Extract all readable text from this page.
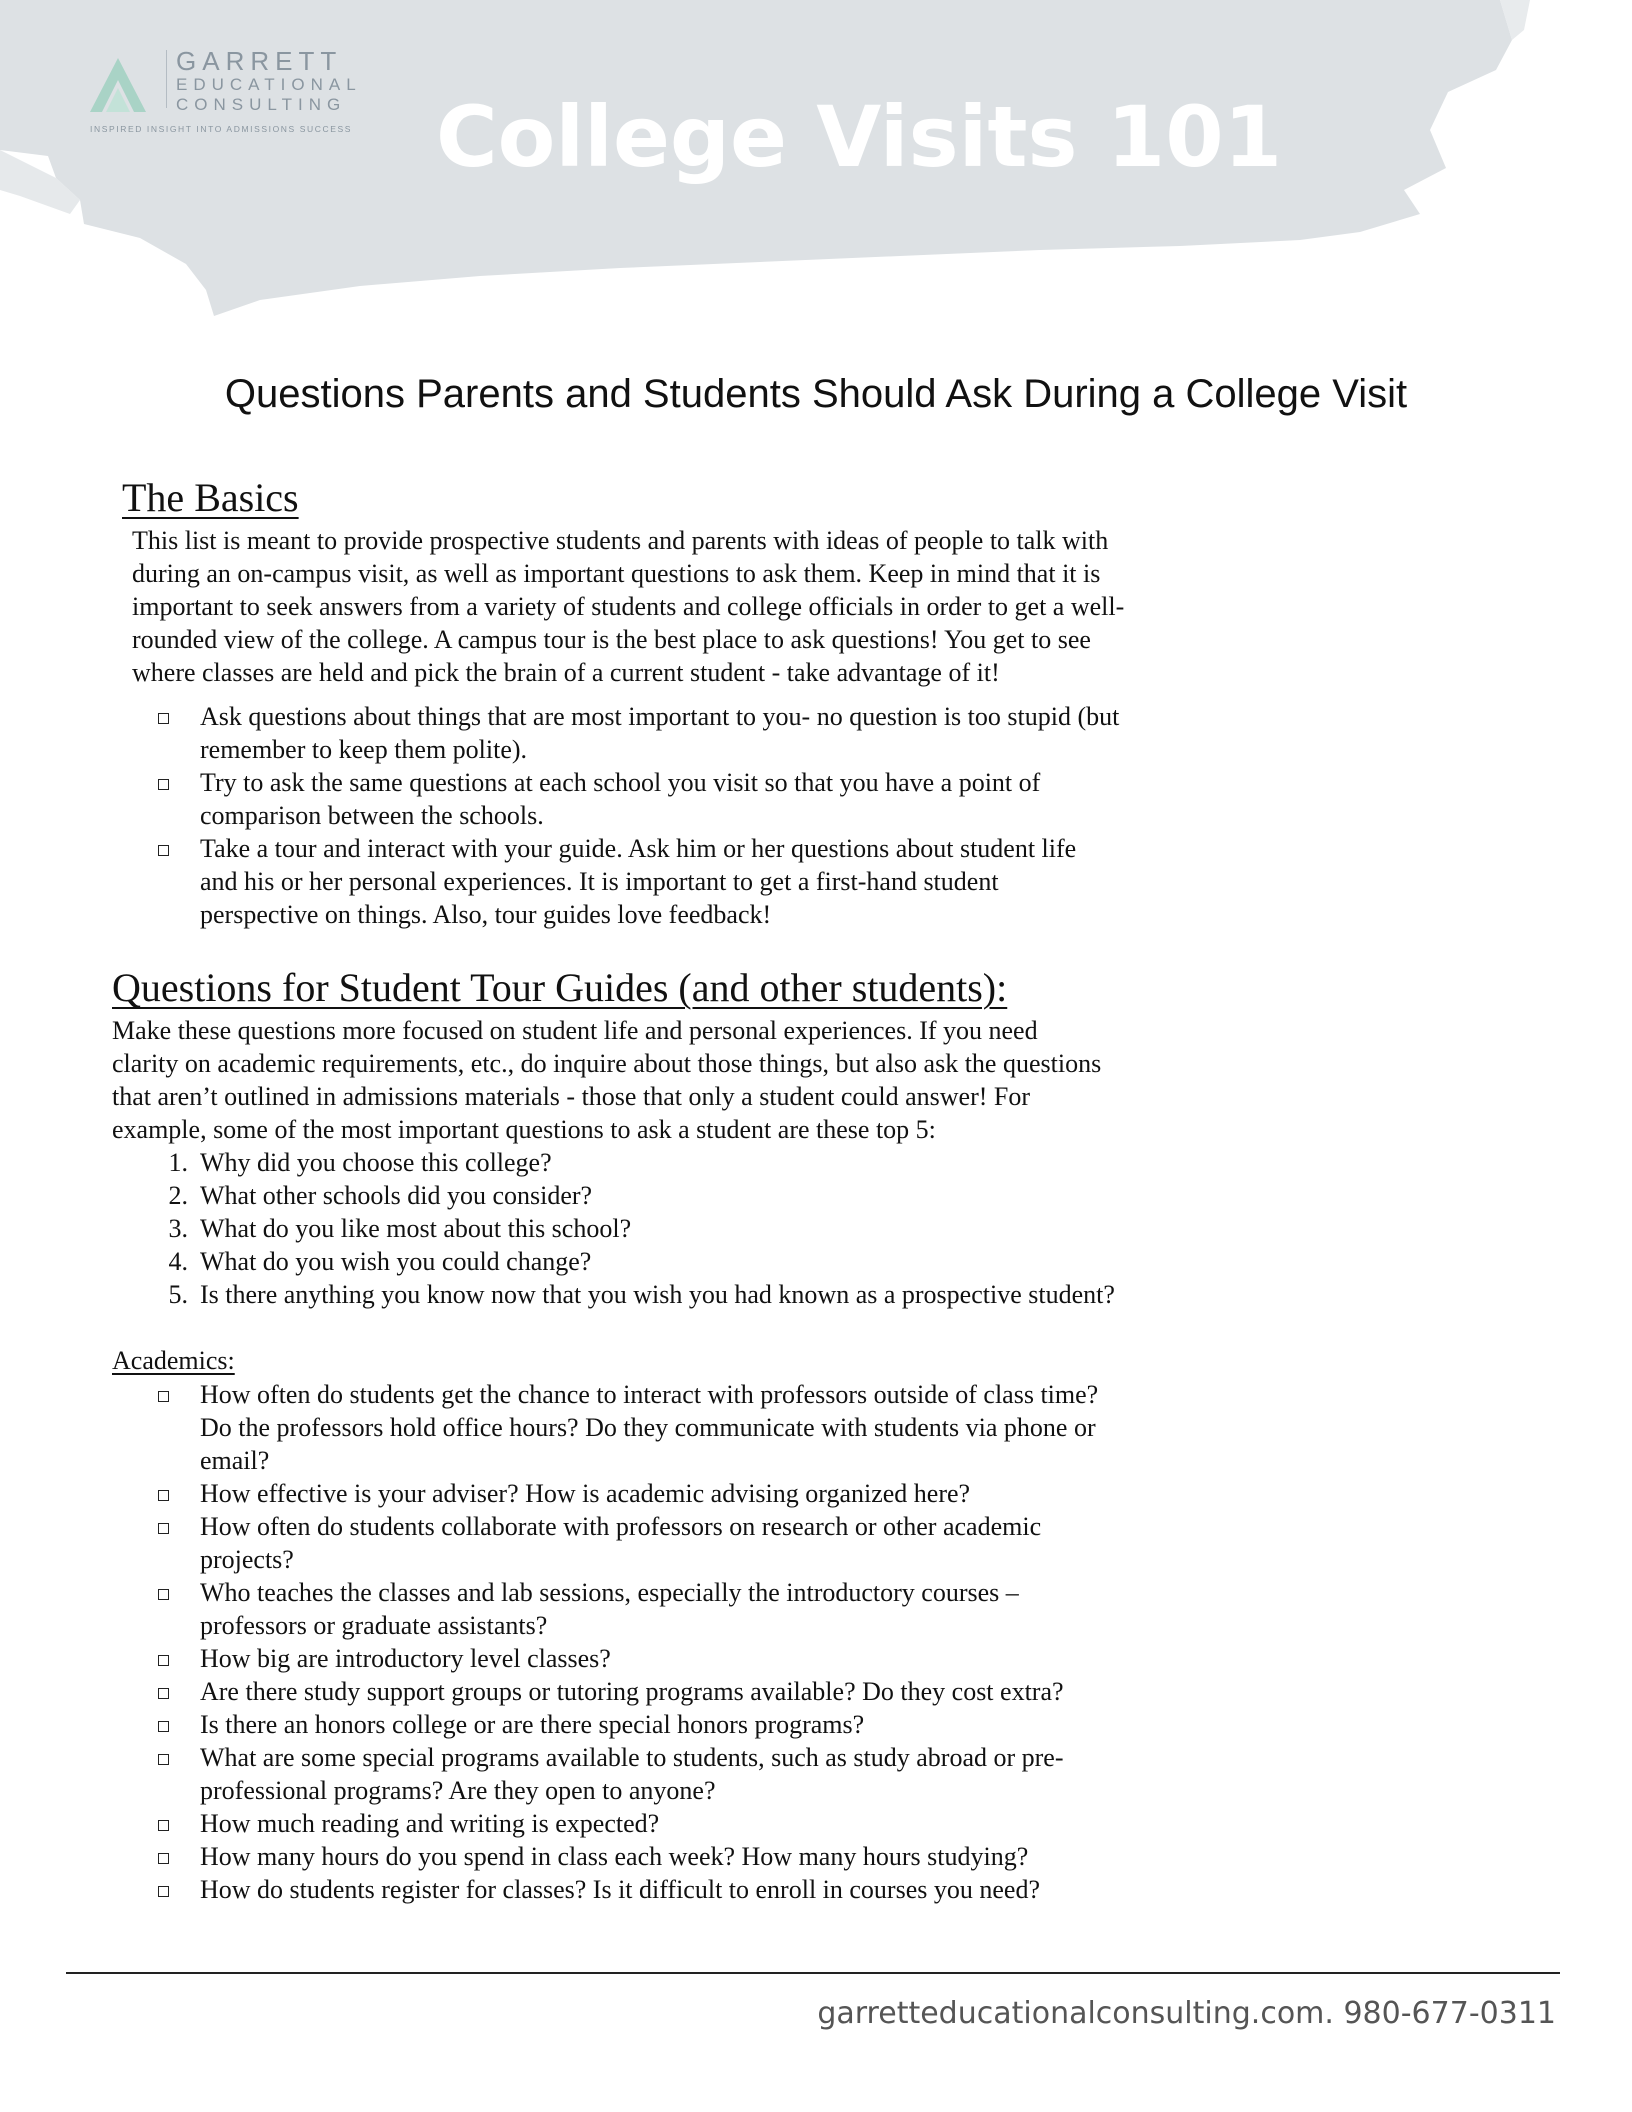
GARRETT
EDUCATIONAL
CONSULTING
INSPIRED INSIGHT INTO ADMISSIONS SUCCESS College Visits 101
Questions Parents and Students Should Ask During a College Visit
The Basics
This list is meant to provide prospective students and parents with ideas of people to talk with
during an on-campus visit, as well as important questions to ask them. Keep in mind that it is
important to seek answers from a variety of students and college officials in order to get a well-
rounded view of the college. A campus tour is the best place to ask questions! You get to see
where classes are held and pick the brain of a current student - take advantage of it!
Ask questions about things that are most important to you- no question is too stupid (but
remember to keep them polite).
Try to ask the same questions at each school you visit so that you have a point of
comparison between the schools.
Take a tour and interact with your guide. Ask him or her questions about student life
and his or her personal experiences. It is important to get a first-hand student
perspective on things. Also, tour guides love feedback!
Questions for Student Tour Guides (and other students):
Make these questions more focused on student life and personal experiences. If you need
clarity on academic requirements, etc., do inquire about those things, but also ask the questions
that aren’t outlined in admissions materials - those that only a student could answer! For
example, some of the most important questions to ask a student are these top 5:
1. Why did you choose this college?
2. What other schools did you consider?
3. What do you like most about this school?
4. What do you wish you could change?
5. Is there anything you know now that you wish you had known as a prospective student?
Academics:
How often do students get the chance to interact with professors outside of class time?
Do the professors hold office hours? Do they communicate with students via phone or
email?
How effective is your adviser? How is academic advising organized here?
How often do students collaborate with professors on research or other academic
projects?
Who teaches the classes and lab sessions, especially the introductory courses –
professors or graduate assistants?
How big are introductory level classes?
Are there study support groups or tutoring programs available? Do they cost extra?
Is there an honors college or are there special honors programs?
What are some special programs available to students, such as study abroad or pre-
professional programs? Are they open to anyone?
How much reading and writing is expected?
How many hours do you spend in class each week? How many hours studying?
How do students register for classes? Is it difficult to enroll in courses you need?
garretteducationalconsulting.com. 980-677-0311
